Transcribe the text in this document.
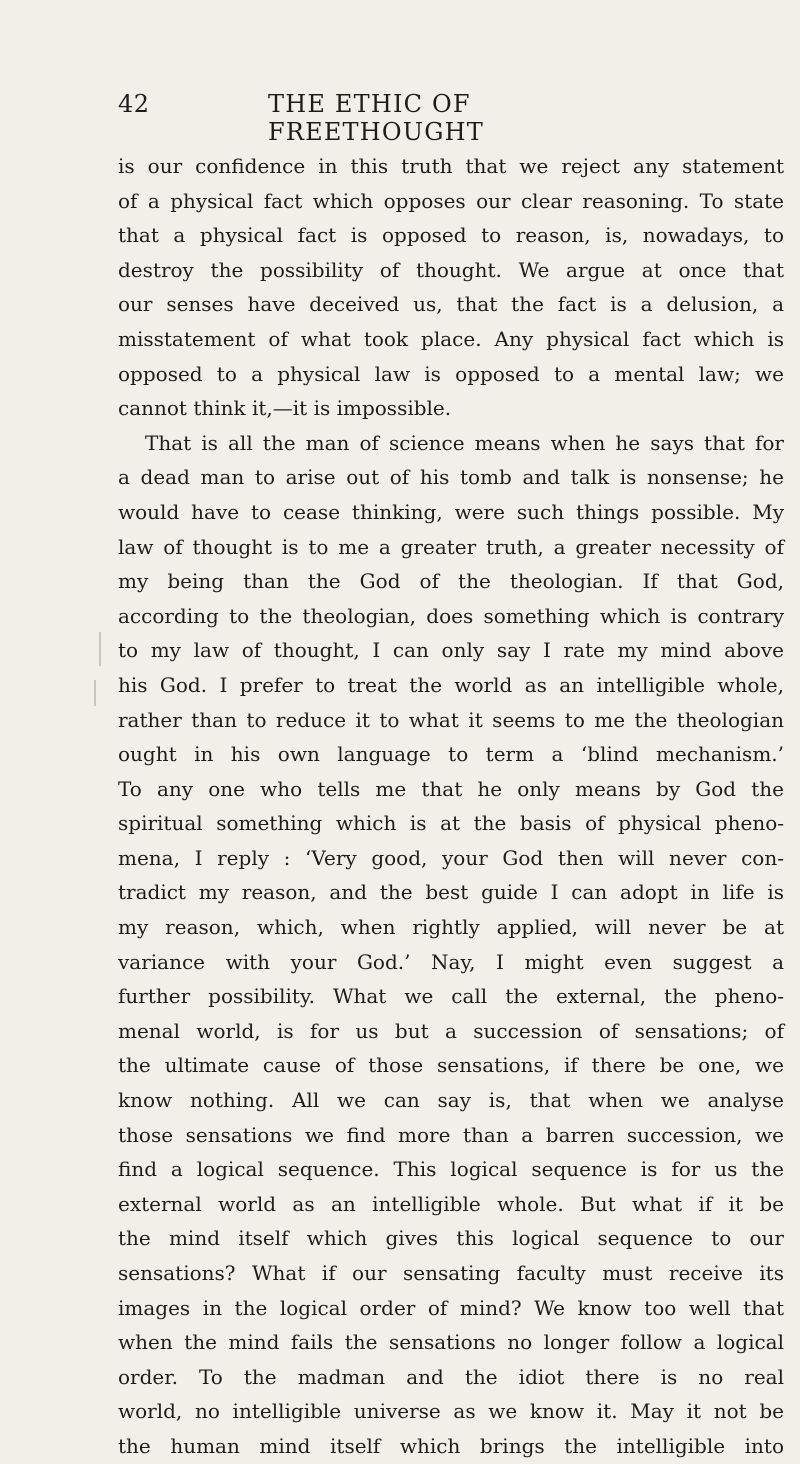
42	THE ETHIC OF FREETHOUGHT
is our confidence in this truth that we reject any statement
of a physical fact which opposes our clear reasoning. To state
that a physical fact is opposed to reason, is, nowadays, to
destroy the possibility of thought. We argue at once that
our senses have deceived us, that the fact is a delusion, a
misstatement of what took place. Any physical fact which is
opposed to a physical law is opposed to a mental law; we
cannot think it,—it is impossible.
That is all the man of science means when he says that for
a dead man to arise out of his tomb and talk is nonsense; he
would have to cease thinking, were such things possible. My
law of thought is to me a greater truth, a greater necessity of
my being than the God of the theologian. If that God,
according to the theologian, does something which is contrary
to my law of thought, I can only say I rate my mind above
his God. I prefer to treat the world as an intelligible whole,
rather than to reduce it to what it seems to me the theologian
ought in his own language to term a ‘blind mechanism.’
To any one who tells me that he only means by God the
spiritual something which is at the basis of physical pheno-
mena, I reply : ‘Very good, your God then will never con-
tradict my reason, and the best guide I can adopt in life is
my reason, which, when rightly applied, will never be at
variance with your God.’ Nay, I might even suggest a
further possibility. What we call the external, the pheno-
menal world, is for us but a succession of sensations; of
the ultimate cause of those sensations, if there be one, we
know nothing. All we can say is, that when we analyse
those sensations we find more than a barren succession, we
find a logical sequence. This logical sequence is for us the
external world as an intelligible whole. But what if it be
the mind itself which gives this logical sequence to our
sensations? What if our sensating faculty must receive its
images in the logical order of mind? We know too well that
when the mind fails the sensations no longer follow a logical
order. To the madman and the idiot there is no real
world, no intelligible universe as we know it. May it not be
the human mind itself which brings the intelligible into
